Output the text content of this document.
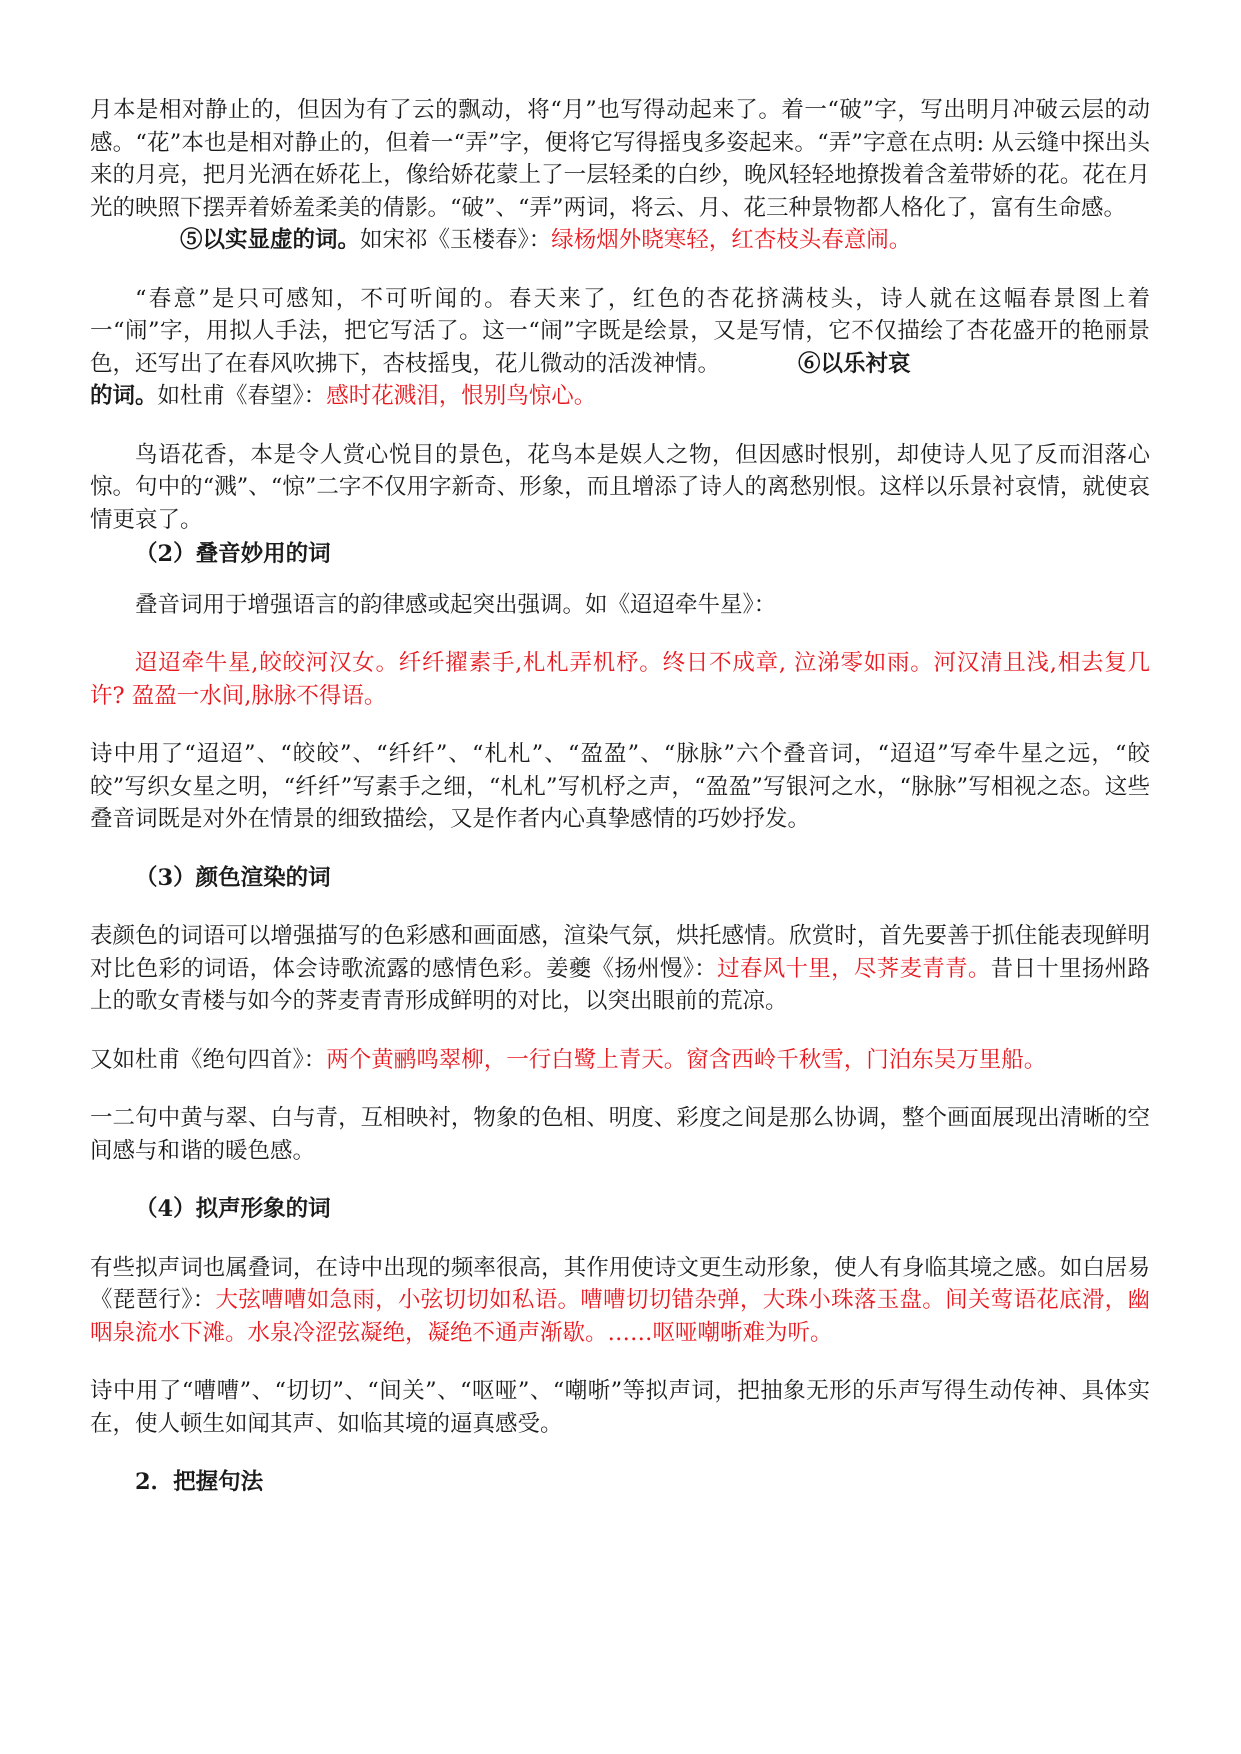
月本是相对静止的，但因为有了云的飘动，将“月”也写得动起来了。着一“破”字，写出明月冲破云层的动感。“花”本也是相对静止的，但着一“弄”字，便将它写得摇曳多姿起来。“弄”字意在点明: 从云缝中探出头来的月亮，把月光洒在娇花上，像给娇花蒙上了一层轻柔的白纱，晚风轻轻地撩拨着含羞带娇的花。花在月光的映照下摆弄着娇羞柔美的倩影。“破”、“弄”两词，将云、月、花三种景物都人格化了，富有生命感。

⑤以实显虚的词。如宋祁《玉楼春》：绿杨烟外晓寒轻，红杏枝头春意闹。

“春意”是只可感知，不可听闻的。春天来了，红色的杏花挤满枝头，诗人就在这幅春景图上着一“闹”字，用拟人手法，把它写活了。这一“闹”字既是绘景，又是写情，它不仅描绘了杏花盛开的艳丽景色，还写出了在春风吹拂下，杏枝摇曳，花儿微动的活泼神情。	⑥以乐衬哀
的词。如杜甫《春望》：感时花溅泪，恨别鸟惊心。

鸟语花香，本是令人赏心悦目的景色，花鸟本是娱人之物，但因感时恨别，却使诗人见了反而泪落心惊。句中的“溅”、“惊”二字不仅用字新奇、形象，而且增添了诗人的离愁别恨。这样以乐景衬哀情，就使哀情更哀了。

（2）叠音妙用的词

叠音词用于增强语言的韵律感或起突出强调。如《迢迢牵牛星》：

迢迢牵牛星,皎皎河汉女。纤纤擢素手,札札弄机杼。终日不成章, 泣涕零如雨。河汉清且浅,相去复几许? 盈盈一水间,脉脉不得语。

诗中用了“迢迢”、“皎皎”、“纤纤”、“札札”、“盈盈”、“脉脉”六个叠音词，“迢迢”写牵牛星之远，“皎皎”写织女星之明，“纤纤”写素手之细，“札札”写机杼之声，“盈盈”写银河之水，“脉脉”写相视之态。这些叠音词既是对外在情景的细致描绘，又是作者内心真挚感情的巧妙抒发。

（3）颜色渲染的词

表颜色的词语可以增强描写的色彩感和画面感，渲染气氛，烘托感情。欣赏时，首先要善于抓住能表现鲜明对比色彩的词语，体会诗歌流露的感情色彩。姜夔《扬州慢》：过春风十里，尽荠麦青青。昔日十里扬州路上的歌女青楼与如今的荠麦青青形成鲜明的对比，以突出眼前的荒凉。

又如杜甫《绝句四首》：两个黄鹂鸣翠柳，一行白鹭上青天。窗含西岭千秋雪，门泊东吴万里船。

一二句中黄与翠、白与青，互相映衬，物象的色相、明度、彩度之间是那么协调，整个画面展现出清晰的空间感与和谐的暖色感。

（4）拟声形象的词

有些拟声词也属叠词，在诗中出现的频率很高，其作用使诗文更生动形象，使人有身临其境之感。如白居易《琵琶行》：大弦嘈嘈如急雨，小弦切切如私语。嘈嘈切切错杂弹，大珠小珠落玉盘。间关莺语花底滑，幽咽泉流水下滩。水泉冷涩弦凝绝，凝绝不通声渐歇。……呕哑嘲哳难为听。

诗中用了“嘈嘈”、“切切”、“间关”、“呕哑”、“嘲哳”等拟声词，把抽象无形的乐声写得生动传神、具体实在，使人顿生如闻其声、如临其境的逼真感受。

2．把握句法
